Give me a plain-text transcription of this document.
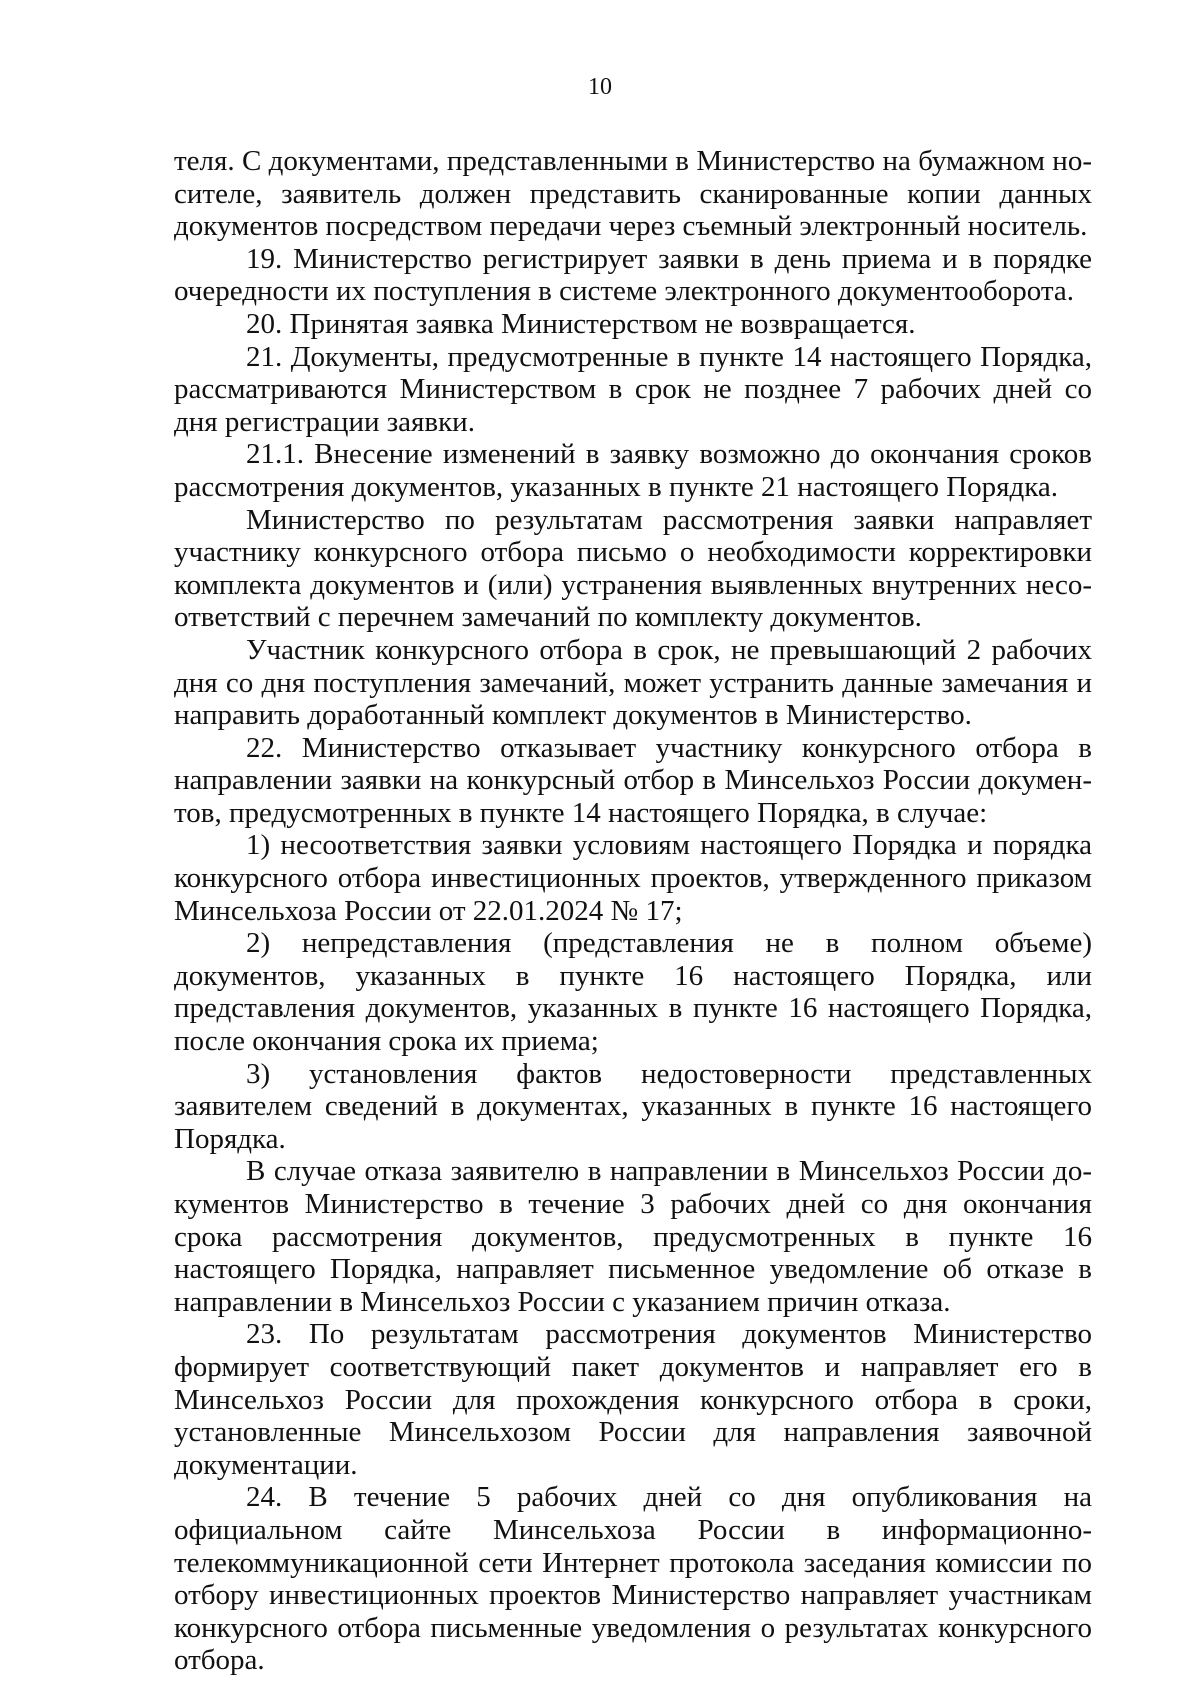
10

теля. С документами, представленными в Министерство на бумажном носителе, заявитель должен представить сканированные копии данных документов посредством передачи через съемный электронный носитель.

19. Министерство регистрирует заявки в день приема и в порядке очередности их поступления в системе электронного документооборота.

20. Принятая заявка Министерством не возвращается.

21. Документы, предусмотренные в пункте 14 настоящего Порядка, рассматриваются Министерством в срок не позднее 7 рабочих дней со дня регистрации заявки.

21.1. Внесение изменений в заявку возможно до окончания сроков рассмотрения документов, указанных в пункте 21 настоящего Порядка.

Министерство по результатам рассмотрения заявки направляет участнику конкурсного отбора письмо о необходимости корректировки комплекта документов и (или) устранения выявленных внутренних несоответствий с перечнем замечаний по комплекту документов.

Участник конкурсного отбора в срок, не превышающий 2 рабочих дня со дня поступления замечаний, может устранить данные замечания и направить доработанный комплект документов в Министерство.

22. Министерство отказывает участнику конкурсного отбора в направлении заявки на конкурсный отбор в Минсельхоз России документов, предусмотренных в пункте 14 настоящего Порядка, в случае:

1) несоответствия заявки условиям настоящего Порядка и порядка конкурсного отбора инвестиционных проектов, утвержденного приказом Минсельхоза России от 22.01.2024 № 17;

2) непредставления (представления не в полном объеме) документов, указанных в пункте 16 настоящего Порядка, или представления документов, указанных в пункте 16 настоящего Порядка, после окончания срока их приема;

3) установления фактов недостоверности представленных заявителем сведений в документах, указанных в пункте 16 настоящего Порядка.

В случае отказа заявителю в направлении в Минсельхоз России документов Министерство в течение 3 рабочих дней со дня окончания срока рассмотрения документов, предусмотренных в пункте 16 настоящего Порядка, направляет письменное уведомление об отказе в направлении в Минсельхоз России с указанием причин отказа.

23. По результатам рассмотрения документов Министерство формирует соответствующий пакет документов и направляет его в Минсельхоз России для прохождения конкурсного отбора в сроки, установленные Минсельхозом России для направления заявочной документации.

24. В течение 5 рабочих дней со дня опубликования на официальном сайте Минсельхоза России в информационно-телекоммуникационной сети Интернет протокола заседания комиссии по отбору инвестиционных проектов Министерство направляет участникам конкурсного отбора письменные уведомления о результатах конкурсного отбора.
